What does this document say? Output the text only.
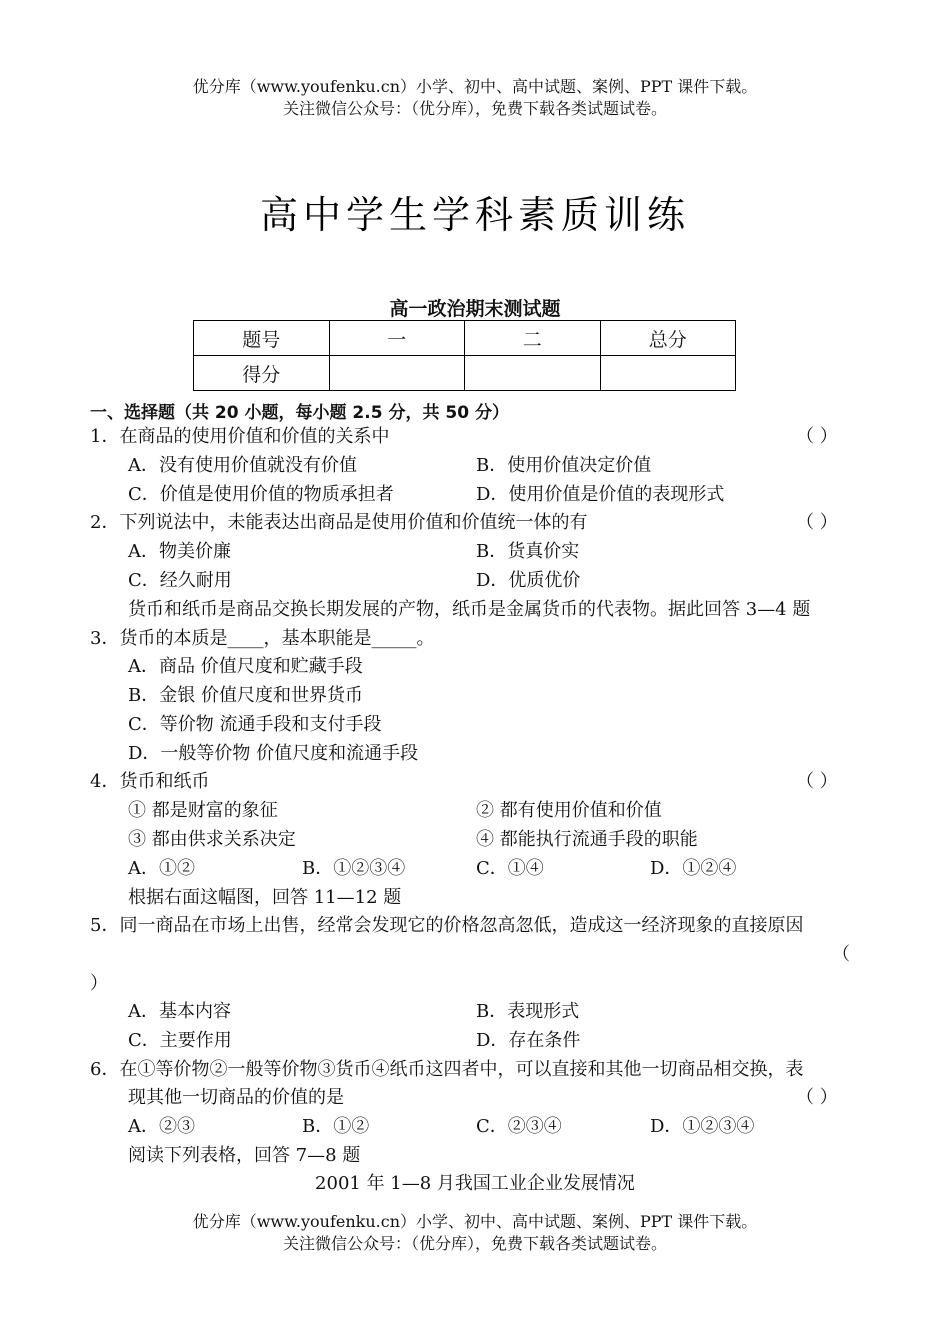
优分库（www.youfenku.cn）小学、初中、高中试题、案例、PPT 课件下载。
关注微信公众号：（优分库），免费下载各类试题试卷。
高中学生学科素质训练
高一政治期末测试题
题号	一	二	总分
得分			
一、选择题（共 20 小题，每小题 2.5 分，共 50 分）
1．在商品的使用价值和价值的关系中	（ ）
A．没有使用价值就没有价值	B．使用价值决定价值
C．价值是使用价值的物质承担者	D．使用价值是价值的表现形式
2．下列说法中，未能表达出商品是使用价值和价值统一体的有	（ ）
A．物美价廉	B．货真价实
C．经久耐用	D．优质优价
货币和纸币是商品交换长期发展的产物，纸币是金属货币的代表物。据此回答 3—4 题
3．货币的本质是____，基本职能是_____。
A．商品 价值尺度和贮藏手段
B．金银 价值尺度和世界货币
C．等价物 流通手段和支付手段
D．一般等价物 价值尺度和流通手段
4．货币和纸币	（ ）
① 都是财富的象征	② 都有使用价值和价值
③ 都由供求关系决定	④ 都能执行流通手段的职能
A．①②	B．①②③④	C．①④	D．①②④
根据右面这幅图，回答 11—12 题
5．同一商品在市场上出售，经常会发现它的价格忽高忽低，造成这一经济现象的直接原因
（
）
A．基本内容	B．表现形式
C．主要作用	D．存在条件
6．在①等价物②一般等价物③货币④纸币这四者中，可以直接和其他一切商品相交换，表
现其他一切商品的价值的是	（ ）
A．②③	B．①②	C．②③④	D．①②③④
阅读下列表格，回答 7—8 题
2001 年 1—8 月我国工业企业发展情况
优分库（www.youfenku.cn）小学、初中、高中试题、案例、PPT 课件下载。
关注微信公众号：（优分库），免费下载各类试题试卷。
